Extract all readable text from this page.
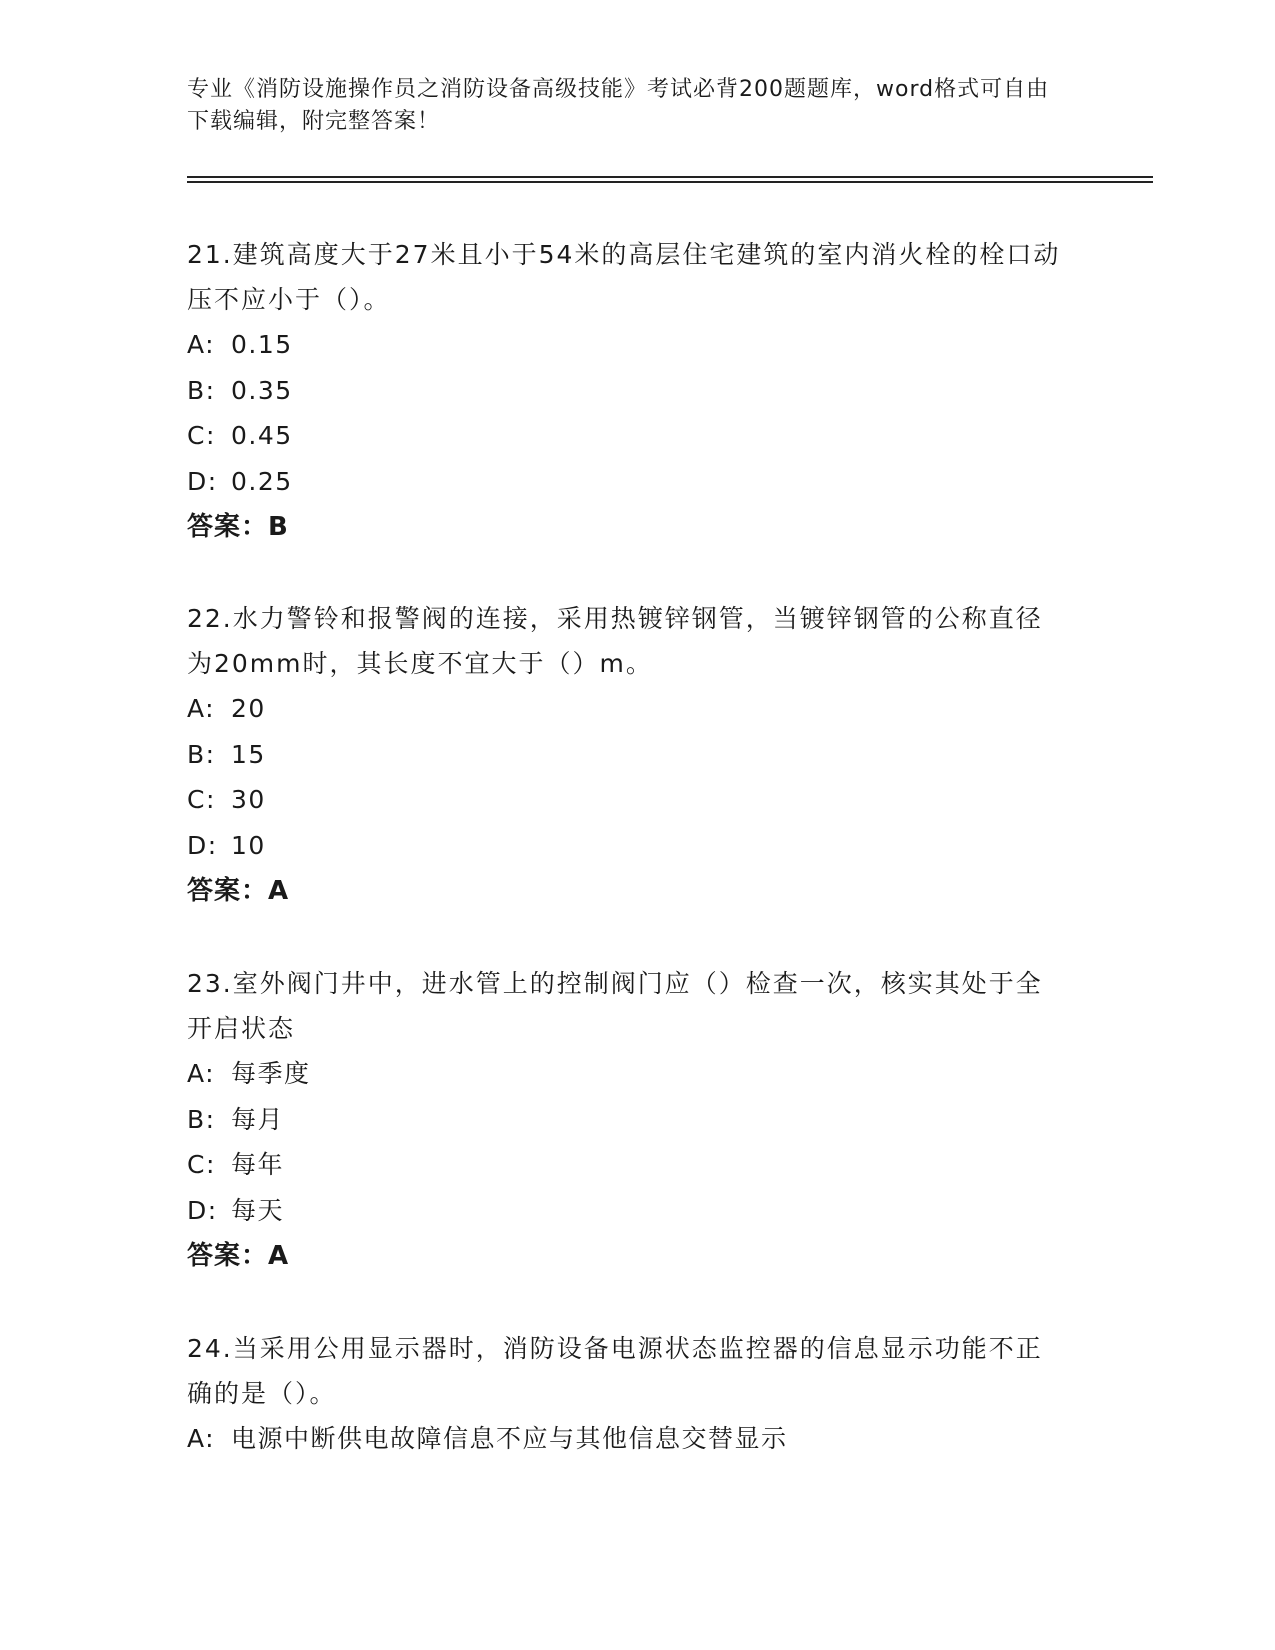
专业《消防设施操作员之消防设备高级技能》考试必背200题题库，word格式可自由下载编辑，附完整答案！
21.建筑高度大于27米且小于54米的高层住宅建筑的室内消火栓的栓口动压不应小于（）。
A: 0.15
B: 0.35
C: 0.45
D: 0.25
答案：B
22.水力警铃和报警阀的连接，采用热镀锌钢管，当镀锌钢管的公称直径为20mm时，其长度不宜大于（）m。
A: 20
B: 15
C: 30
D: 10
答案：A
23.室外阀门井中，进水管上的控制阀门应（）检查一次，核实其处于全开启状态
A: 每季度
B: 每月
C: 每年
D: 每天
答案：A
24.当采用公用显示器时，消防设备电源状态监控器的信息显示功能不正确的是（）。
A: 电源中断供电故障信息不应与其他信息交替显示
